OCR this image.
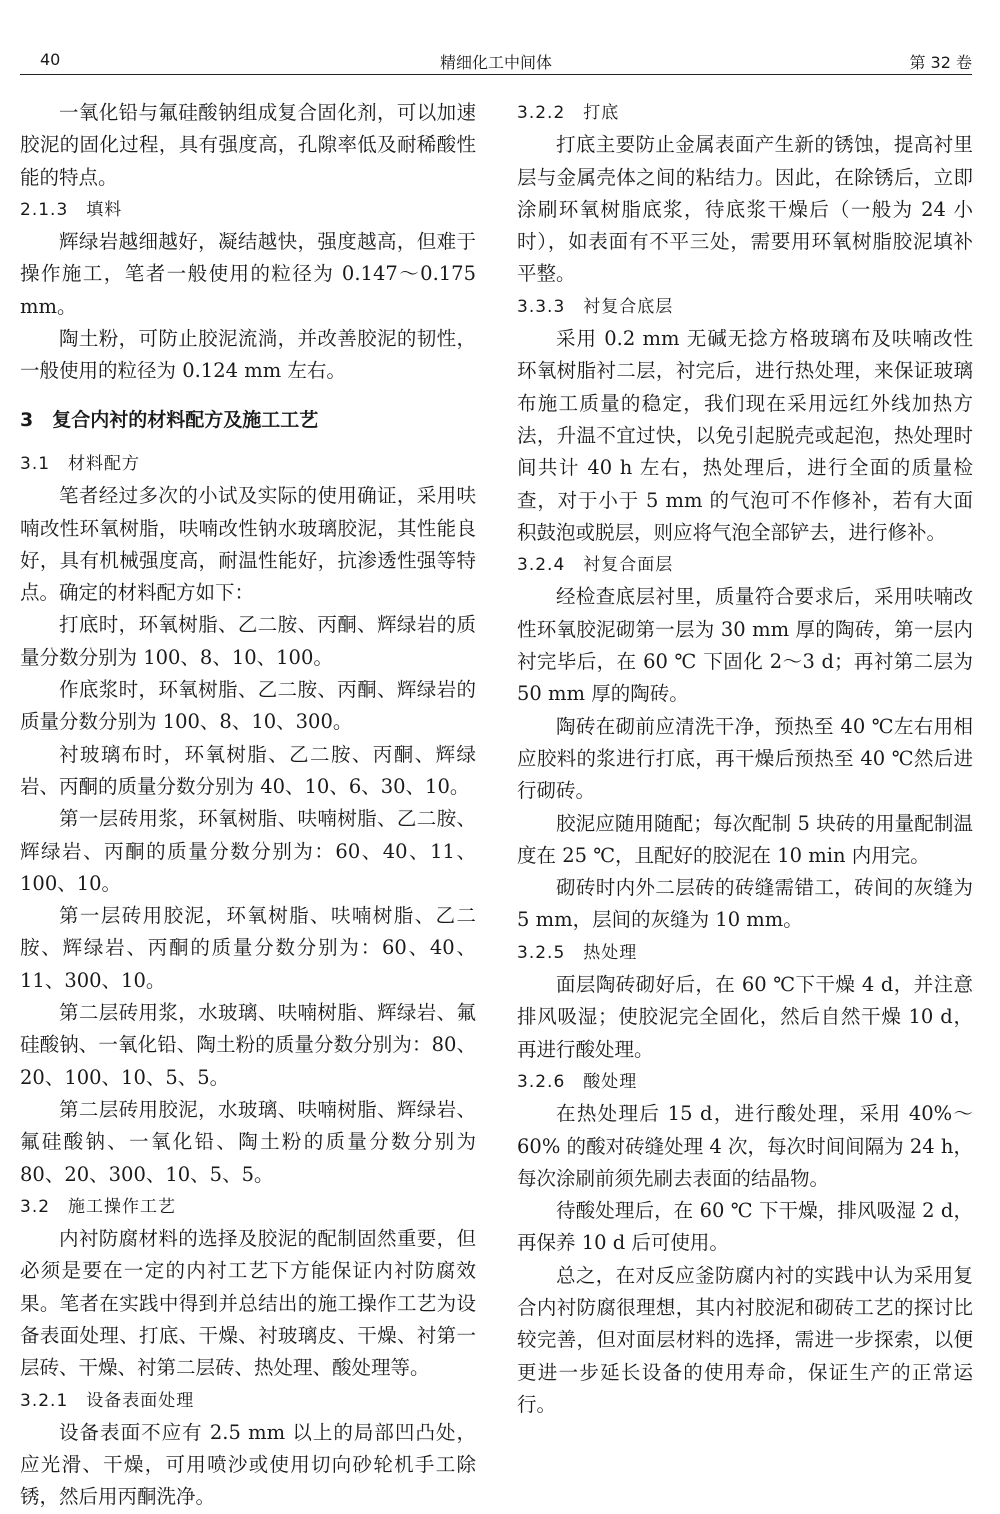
40	精细化工中间体	第 32 卷
一氧化铅与氟硅酸钠组成复合固化剂，可以加速胶泥的固化过程，具有强度高，孔隙率低及耐稀酸性能的特点。
2.1.3　填料
辉绿岩越细越好，凝结越快，强度越高，但难于操作施工，笔者一般使用的粒径为 0.147～0.175 mm。
陶土粉，可防止胶泥流淌，并改善胶泥的韧性，一般使用的粒径为 0.124 mm 左右。
3　复合内衬的材料配方及施工工艺
3.1　材料配方
笔者经过多次的小试及实际的使用确证，采用呋喃改性环氧树脂，呋喃改性钠水玻璃胶泥，其性能良好，具有机械强度高，耐温性能好，抗渗透性强等特点。确定的材料配方如下：
打底时，环氧树脂、乙二胺、丙酮、辉绿岩的质量分数分别为 100、8、10、100。
作底浆时，环氧树脂、乙二胺、丙酮、辉绿岩的质量分数分别为 100、8、10、300。
衬玻璃布时，环氧树脂、乙二胺、丙酮、辉绿岩、丙酮的质量分数分别为 40、10、6、30、10。
第一层砖用浆，环氧树脂、呋喃树脂、乙二胺、辉绿岩、丙酮的质量分数分别为：60、40、11、100、10。
第一层砖用胶泥，环氧树脂、呋喃树脂、乙二胺、辉绿岩、丙酮的质量分数分别为：60、40、11、300、10。
第二层砖用浆，水玻璃、呋喃树脂、辉绿岩、氟硅酸钠、一氧化铅、陶土粉的质量分数分别为：80、20、100、10、5、5。
第二层砖用胶泥，水玻璃、呋喃树脂、辉绿岩、氟硅酸钠、一氧化铅、陶土粉的质量分数分别为 80、20、300、10、5、5。
3.2　施工操作工艺
内衬防腐材料的选择及胶泥的配制固然重要，但必须是要在一定的内衬工艺下方能保证内衬防腐效果。笔者在实践中得到并总结出的施工操作工艺为设备表面处理、打底、干燥、衬玻璃皮、干燥、衬第一层砖、干燥、衬第二层砖、热处理、酸处理等。
3.2.1　设备表面处理
设备表面不应有 2.5 mm 以上的局部凹凸处，应光滑、干燥，可用喷沙或使用切向砂轮机手工除锈，然后用丙酮洗净。
3.2.2　打底
打底主要防止金属表面产生新的锈蚀，提高衬里层与金属壳体之间的粘结力。因此，在除锈后，立即涂刷环氧树脂底浆，待底浆干燥后（一般为 24 小时），如表面有不平三处，需要用环氧树脂胶泥填补平整。
3.3.3　衬复合底层
采用 0.2 mm 无碱无捻方格玻璃布及呋喃改性环氧树脂衬二层，衬完后，进行热处理，来保证玻璃布施工质量的稳定，我们现在采用远红外线加热方法，升温不宜过快，以免引起脱壳或起泡，热处理时间共计 40 h 左右，热处理后，进行全面的质量检查，对于小于 5 mm 的气泡可不作修补，若有大面积鼓泡或脱层，则应将气泡全部铲去，进行修补。
3.2.4　衬复合面层
经检查底层衬里，质量符合要求后，采用呋喃改性环氧胶泥砌第一层为 30 mm 厚的陶砖，第一层内衬完毕后，在 60 ℃ 下固化 2～3 d；再衬第二层为 50 mm 厚的陶砖。
陶砖在砌前应清洗干净，预热至 40 ℃左右用相应胶料的浆进行打底，再干燥后预热至 40 ℃然后进行砌砖。
胶泥应随用随配；每次配制 5 块砖的用量配制温度在 25 ℃，且配好的胶泥在 10 min 内用完。
砌砖时内外二层砖的砖缝需错工，砖间的灰缝为 5 mm，层间的灰缝为 10 mm。
3.2.5　热处理
面层陶砖砌好后，在 60 ℃下干燥 4 d，并注意排风吸湿；使胶泥完全固化，然后自然干燥 10 d，再进行酸处理。
3.2.6　酸处理
在热处理后 15 d，进行酸处理，采用 40%～60% 的酸对砖缝处理 4 次，每次时间间隔为 24 h，每次涂刷前须先刷去表面的结晶物。
待酸处理后，在 60 ℃ 下干燥，排风吸湿 2 d，再保养 10 d 后可使用。
总之，在对反应釜防腐内衬的实践中认为采用复合内衬防腐很理想，其内衬胶泥和砌砖工艺的探讨比较完善，但对面层材料的选择，需进一步探索，以便更进一步延长设备的使用寿命，保证生产的正常运行。
